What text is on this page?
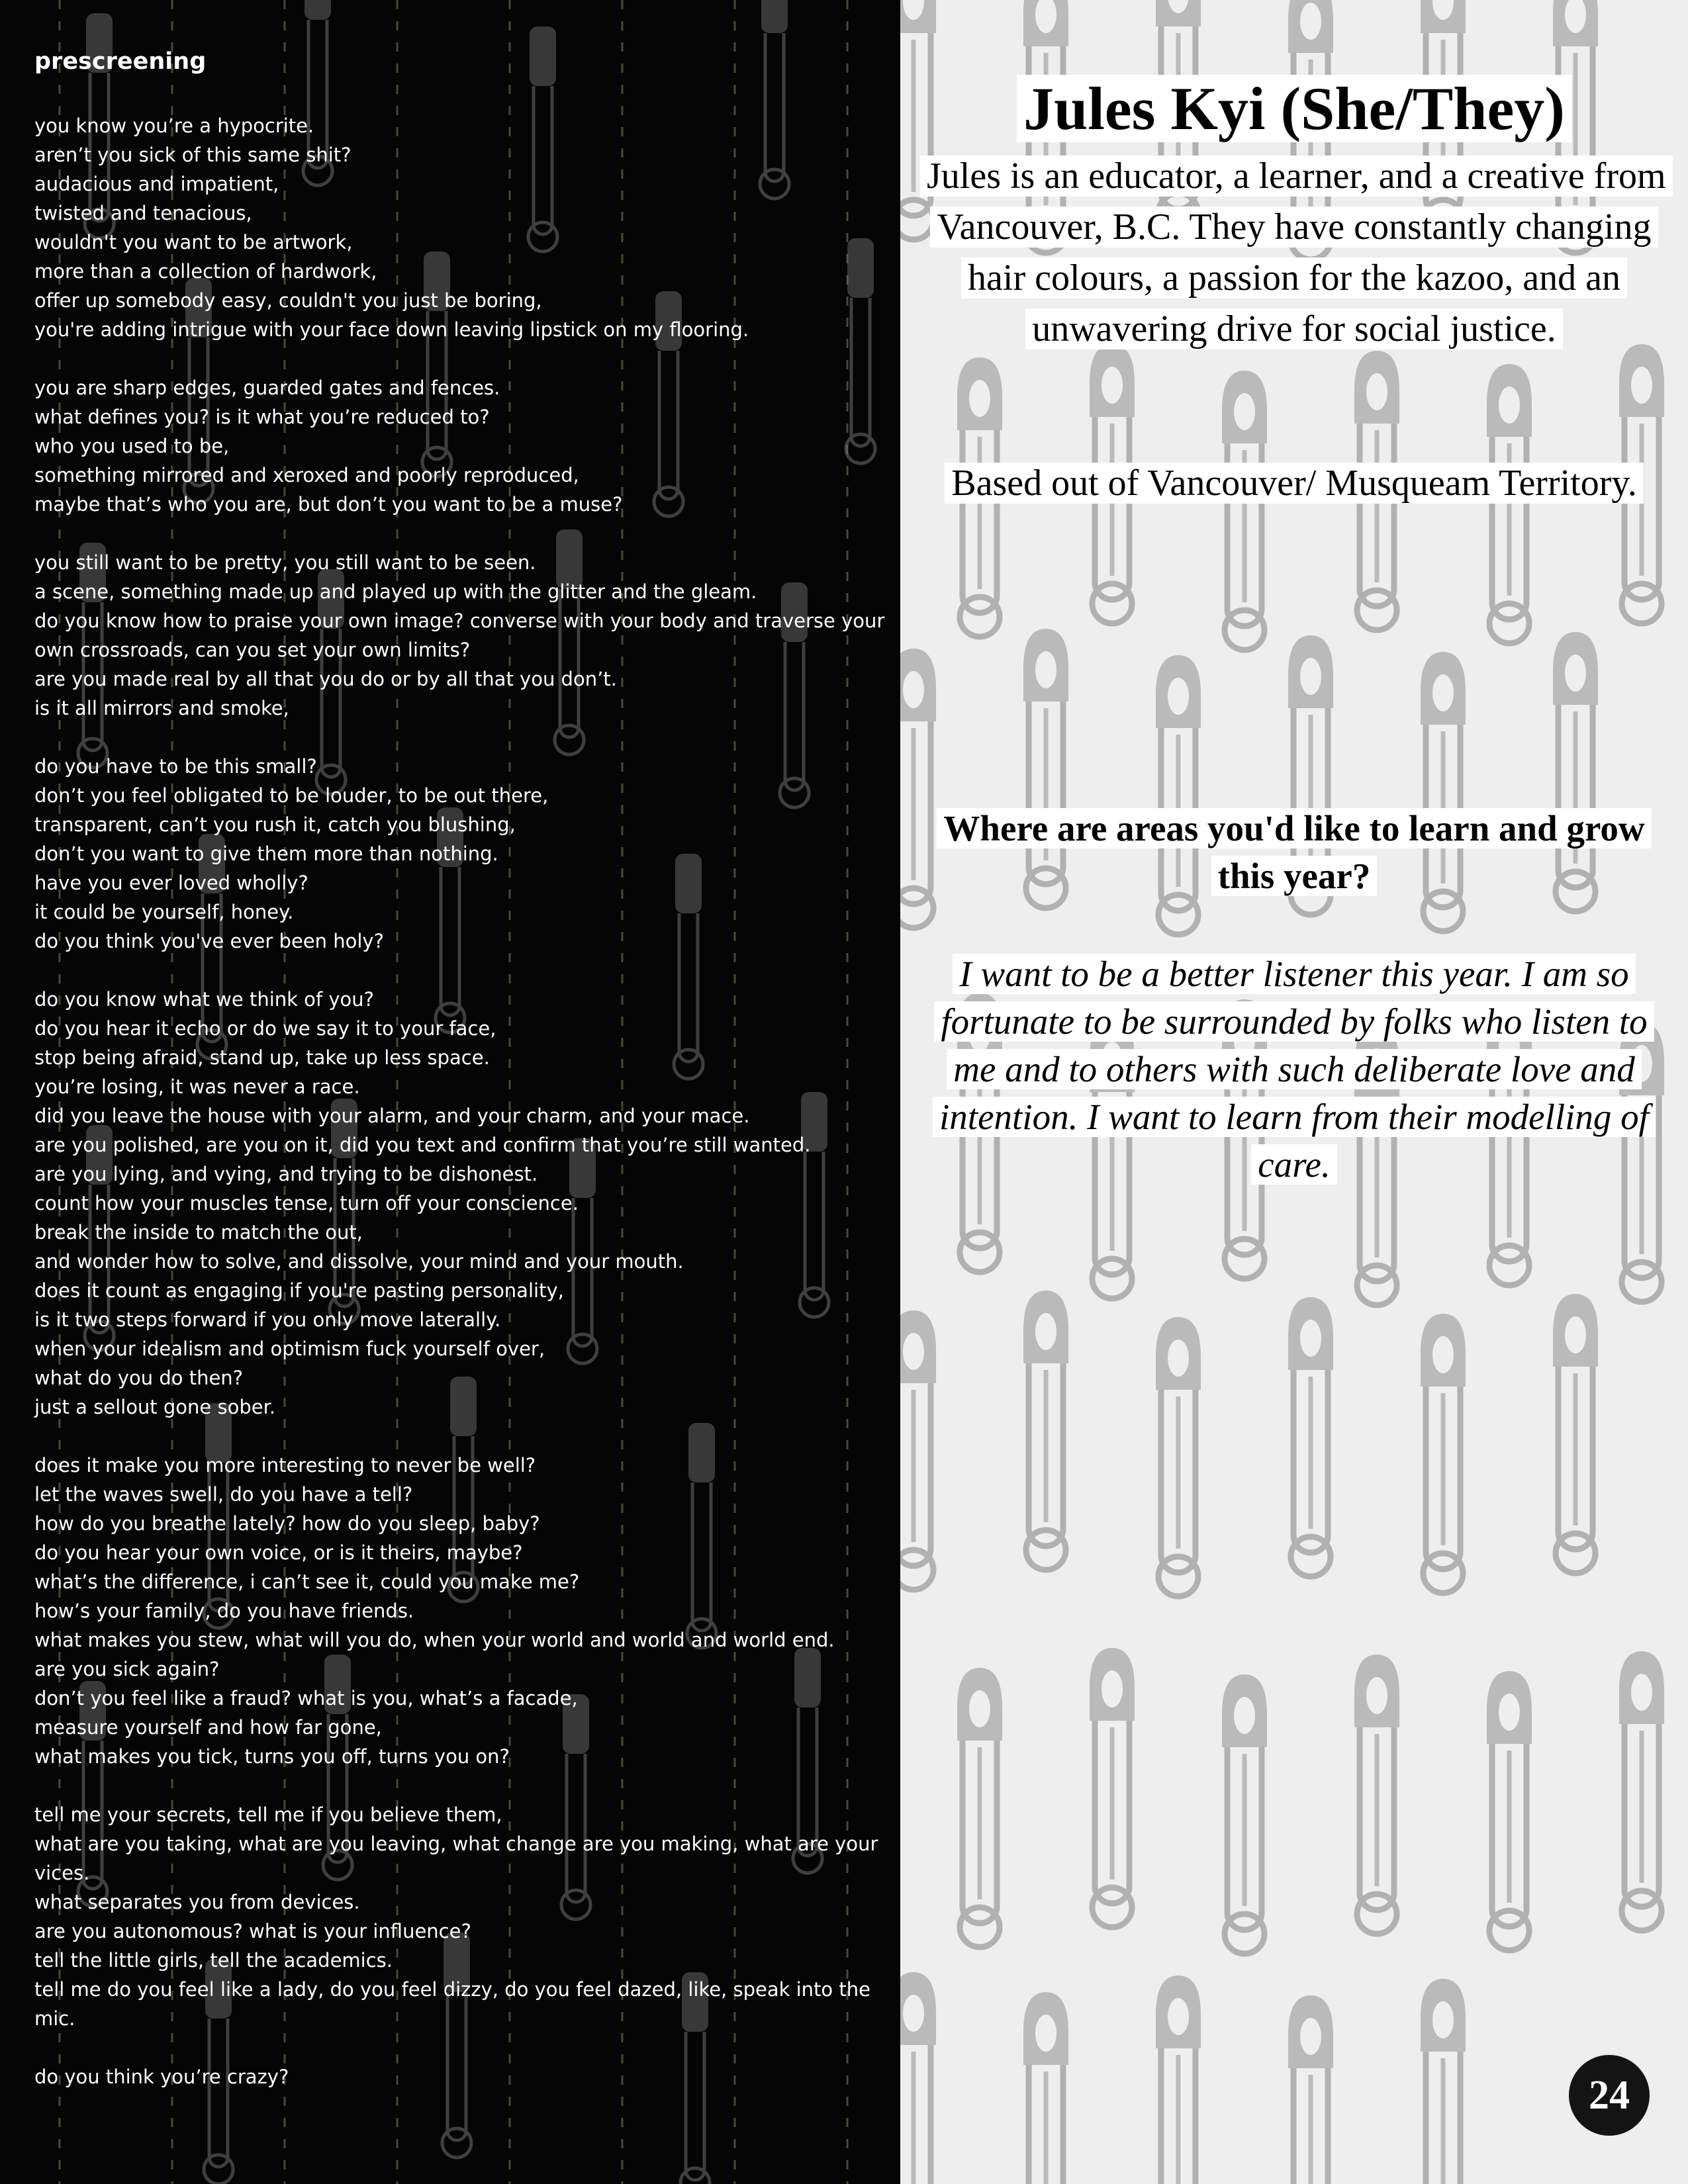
prescreening
you know you’re a hypocrite.
aren’t you sick of this same shit?
audacious and impatient,
twisted and tenacious,
wouldn't you want to be artwork,
more than a collection of hardwork,
offer up somebody easy, couldn't you just be boring,
you're adding intrigue with your face down leaving lipstick on my flooring.
you are sharp edges, guarded gates and fences.
what defines you? is it what you’re reduced to?
who you used to be,
something mirrored and xeroxed and poorly reproduced,
maybe that’s who you are, but don’t you want to be a muse?
you still want to be pretty, you still want to be seen.
a scene, something made up and played up with the glitter and the gleam.
do you know how to praise your own image? converse with your body and traverse your own crossroads, can you set your own limits?
are you made real by all that you do or by all that you don’t.
is it all mirrors and smoke,
do you have to be this small?
don’t you feel obligated to be louder, to be out there,
transparent, can’t you rush it, catch you blushing,
don’t you want to give them more than nothing.
have you ever loved wholly?
it could be yourself, honey.
do you think you've ever been holy?
do you know what we think of you?
do you hear it echo or do we say it to your face,
stop being afraid, stand up, take up less space.
you’re losing, it was never a race.
did you leave the house with your alarm, and your charm, and your mace.
are you polished, are you on it, did you text and confirm that you’re still wanted.
are you lying, and vying, and trying to be dishonest.
count how your muscles tense, turn off your conscience.
break the inside to match the out,
and wonder how to solve, and dissolve, your mind and your mouth.
does it count as engaging if you're pasting personality,
is it two steps forward if you only move laterally.
when your idealism and optimism fuck yourself over,
what do you do then?
just a sellout gone sober.
does it make you more interesting to never be well?
let the waves swell, do you have a tell?
how do you breathe lately? how do you sleep, baby?
do you hear your own voice, or is it theirs, maybe?
what’s the difference, i can’t see it, could you make me?
how’s your family, do you have friends.
what makes you stew, what will you do, when your world and world and world end.
are you sick again?
don’t you feel like a fraud? what is you, what’s a facade,
measure yourself and how far gone,
what makes you tick, turns you off, turns you on?
tell me your secrets, tell me if you believe them,
what are you taking, what are you leaving, what change are you making, what are your vices.
what separates you from devices.
are you autonomous? what is your influence?
tell the little girls, tell the academics.
tell me do you feel like a lady, do you feel dizzy, do you feel dazed, like, speak into the mic.
do you think you’re crazy?
Jules Kyi (She/They)
Jules is an educator, a learner, and a creative from Vancouver, B.C. They have constantly changing hair colours, a passion for the kazoo, and an unwavering drive for social justice.
Based out of Vancouver/ Musqueam Territory.
Where are areas you'd like to learn and grow this year?
I want to be a better listener this year. I am so fortunate to be surrounded by folks who listen to me and to others with such deliberate love and intention. I want to learn from their modelling of care.
24
